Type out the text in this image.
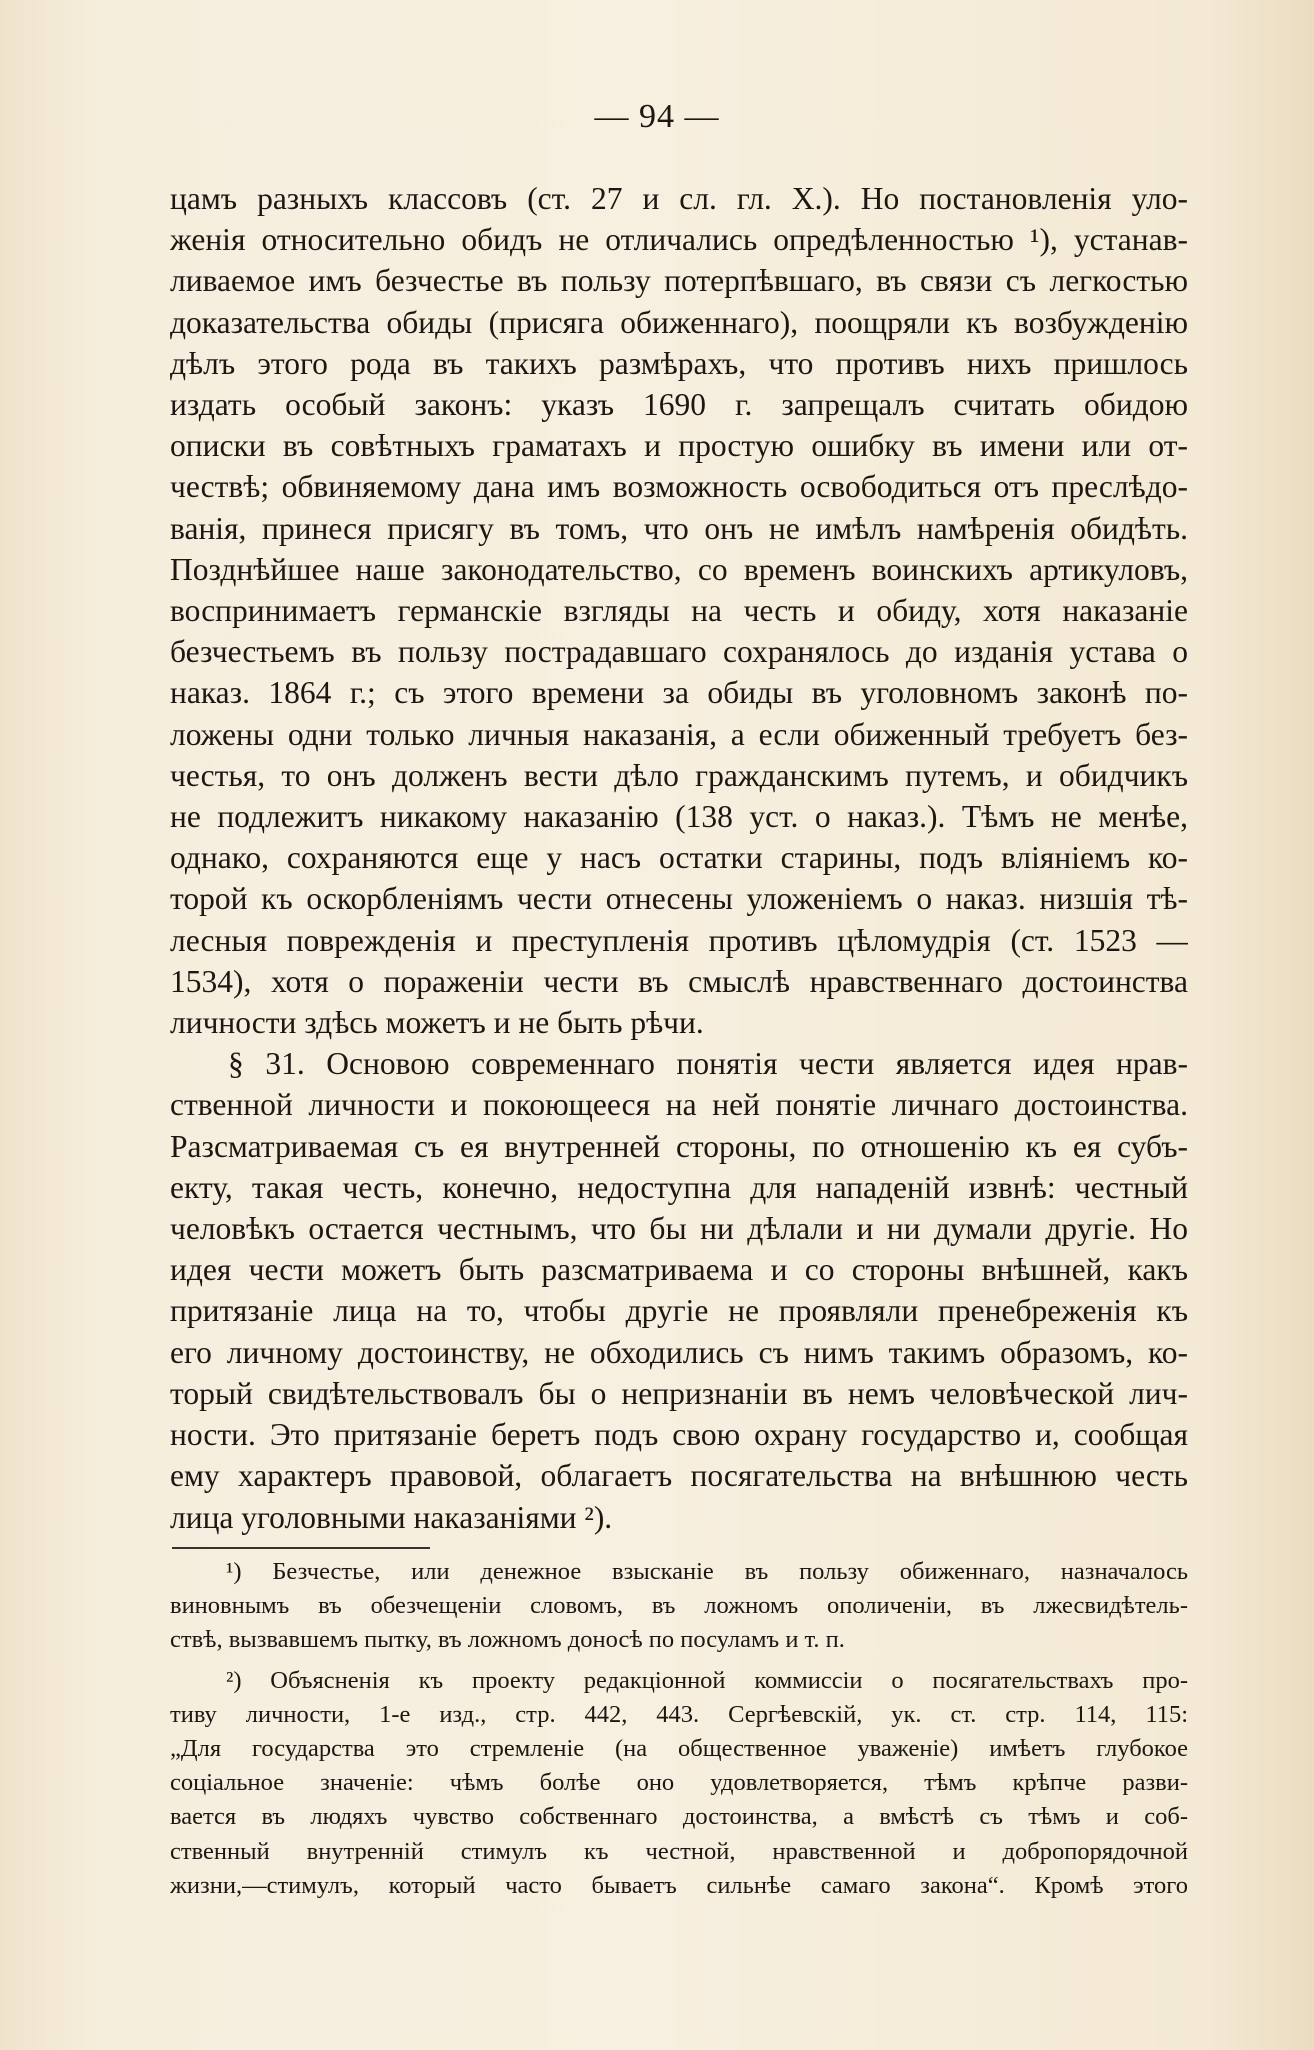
— 94 —
цамъ разныхъ классовъ (ст. 27 и сл. гл. X.). Но постановленія уло-
женія относительно обидъ не отличались опредѣленностью ¹), устанав-
ливаемое имъ безчестье въ пользу потерпѣвшаго, въ связи съ легкостью
доказательства обиды (присяга обиженнаго), поощряли къ возбужденію
дѣлъ этого рода въ такихъ размѣрахъ, что противъ нихъ пришлось
издать особый законъ: указъ 1690 г. запрещалъ считать обидою
описки въ совѣтныхъ граматахъ и простую ошибку въ имени или от-
чествѣ; обвиняемому дана имъ возможность освободиться отъ преслѣдо-
ванія, принеся присягу въ томъ, что онъ не имѣлъ намѣренія обидѣть.
Позднѣйшее наше законодательство, со временъ воинскихъ артикуловъ,
воспринимаетъ германскіе взгляды на честь и обиду, хотя наказаніе
безчестьемъ въ пользу пострадавшаго сохранялось до изданія устава о
наказ. 1864 г.; съ этого времени за обиды въ уголовномъ законѣ по-
ложены одни только личныя наказанія, а если обиженный требуетъ без-
честья, то онъ долженъ вести дѣло гражданскимъ путемъ, и обидчикъ
не подлежитъ никакому наказанію (138 уст. о наказ.). Тѣмъ не менѣе,
однако, сохраняются еще у насъ остатки старины, подъ вліяніемъ ко-
торой къ оскорбленіямъ чести отнесены уложеніемъ о наказ. низшія тѣ-
лесныя поврежденія и преступленія противъ цѣломудрія (ст. 1523 —
1534), хотя о пораженіи чести въ смыслѣ нравственнаго достоинства
личности здѣсь можетъ и не быть рѣчи.
§ 31. Основою современнаго понятія чести является идея нрав-
ственной личности и покоющееся на ней понятіе личнаго достоинства.
Разсматриваемая съ ея внутренней стороны, по отношенію къ ея субъ-
екту, такая честь, конечно, недоступна для нападеній извнѣ: честный
человѣкъ остается честнымъ, что бы ни дѣлали и ни думали другіе. Но
идея чести можетъ быть разсматриваема и со стороны внѣшней, какъ
притязаніе лица на то, чтобы другіе не проявляли пренебреженія къ
его личному достоинству, не обходились съ нимъ такимъ образомъ, ко-
торый свидѣтельствовалъ бы о непризнаніи въ немъ человѣческой лич-
ности. Это притязаніе беретъ подъ свою охрану государство и, сообщая
ему характеръ правовой, облагаетъ посягательства на внѣшнюю честь
лица уголовными наказаніями ²).
¹) Безчестье, или денежное взысканіе въ пользу обиженнаго, назначалось
виновнымъ въ обезчещеніи словомъ, въ ложномъ ополиченіи, въ лжесвидѣтель-
ствѣ, вызвавшемъ пытку, въ ложномъ доносѣ по посуламъ и т. п.
²) Объясненія къ проекту редакціонной коммиссіи о посягательствахъ про-
тиву личности, 1-е изд., стр. 442, 443. Сергѣевскій, ук. ст. стр. 114, 115:
„Для государства это стремленіе (на общественное уваженіе) имѣетъ глубокое
соціальное значеніе: чѣмъ болѣе оно удовлетворяется, тѣмъ крѣпче разви-
вается въ людяхъ чувство собственнаго достоинства, а вмѣстѣ съ тѣмъ и соб-
ственный внутренній стимулъ къ честной, нравственной и добропорядочной
жизни,—стимулъ, который часто бываетъ сильнѣе самаго закона“. Кромѣ этого
